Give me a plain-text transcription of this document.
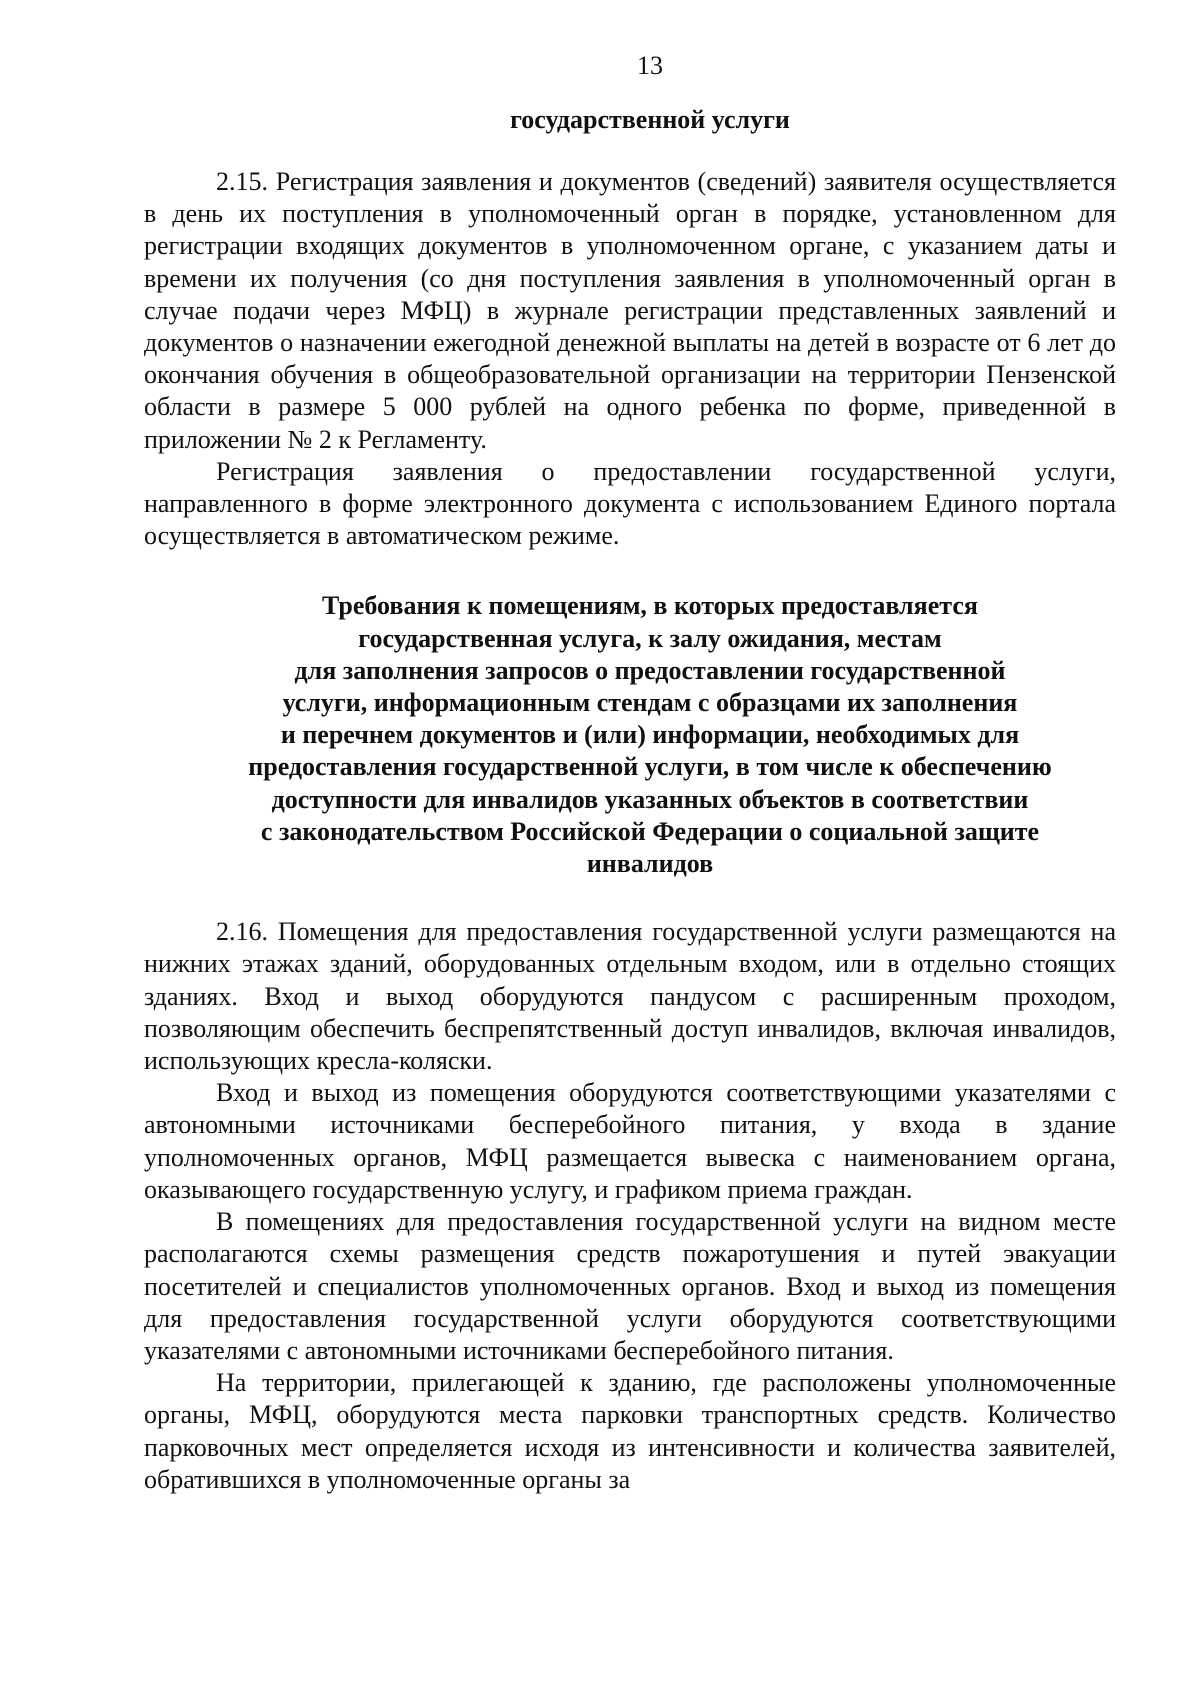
13
государственной услуги

2.15. Регистрация заявления и документов (сведений) заявителя осуществляется в день их поступления в уполномоченный орган в порядке, установленном для регистрации входящих документов в уполномоченном органе, с указанием даты и времени их получения (со дня поступления заявления в уполномоченный орган в случае подачи через МФЦ) в журнале регистрации представленных заявлений и документов о назначении ежегодной денежной выплаты на детей в возрасте от 6 лет до окончания обучения в общеобразовательной организации на территории Пензенской области в размере 5 000 рублей на одного ребенка по форме, приведенной в приложении № 2 к Регламенту.

Регистрация заявления о предоставлении государственной услуги, направленного в форме электронного документа с использованием Единого портала осуществляется в автоматическом режиме.

Требования к помещениям, в которых предоставляется
государственная услуга, к залу ожидания, местам
для заполнения запросов о предоставлении государственной
услуги, информационным стендам с образцами их заполнения
и перечнем документов и (или) информации, необходимых для
предоставления государственной услуги, в том числе к обеспечению
доступности для инвалидов указанных объектов в соответствии
с законодательством Российской Федерации о социальной защите
инвалидов

2.16. Помещения для предоставления государственной услуги размещаются на нижних этажах зданий, оборудованных отдельным входом, или в отдельно стоящих зданиях. Вход и выход оборудуются пандусом с расширенным проходом, позволяющим обеспечить беспрепятственный доступ инвалидов, включая инвалидов, использующих кресла-коляски.

Вход и выход из помещения оборудуются соответствующими указателями с автономными источниками бесперебойного питания, у входа в здание уполномоченных органов, МФЦ размещается вывеска с наименованием органа, оказывающего государственную услугу, и графиком приема граждан.

В помещениях для предоставления государственной услуги на видном месте располагаются схемы размещения средств пожаротушения и путей эвакуации посетителей и специалистов уполномоченных органов. Вход и выход из помещения для предоставления государственной услуги оборудуются соответствующими указателями с автономными источниками бесперебойного питания.

На территории, прилегающей к зданию, где расположены уполномоченные органы, МФЦ, оборудуются места парковки транспортных средств. Количество парковочных мест определяется исходя из интенсивности и количества заявителей, обратившихся в уполномоченные органы за
